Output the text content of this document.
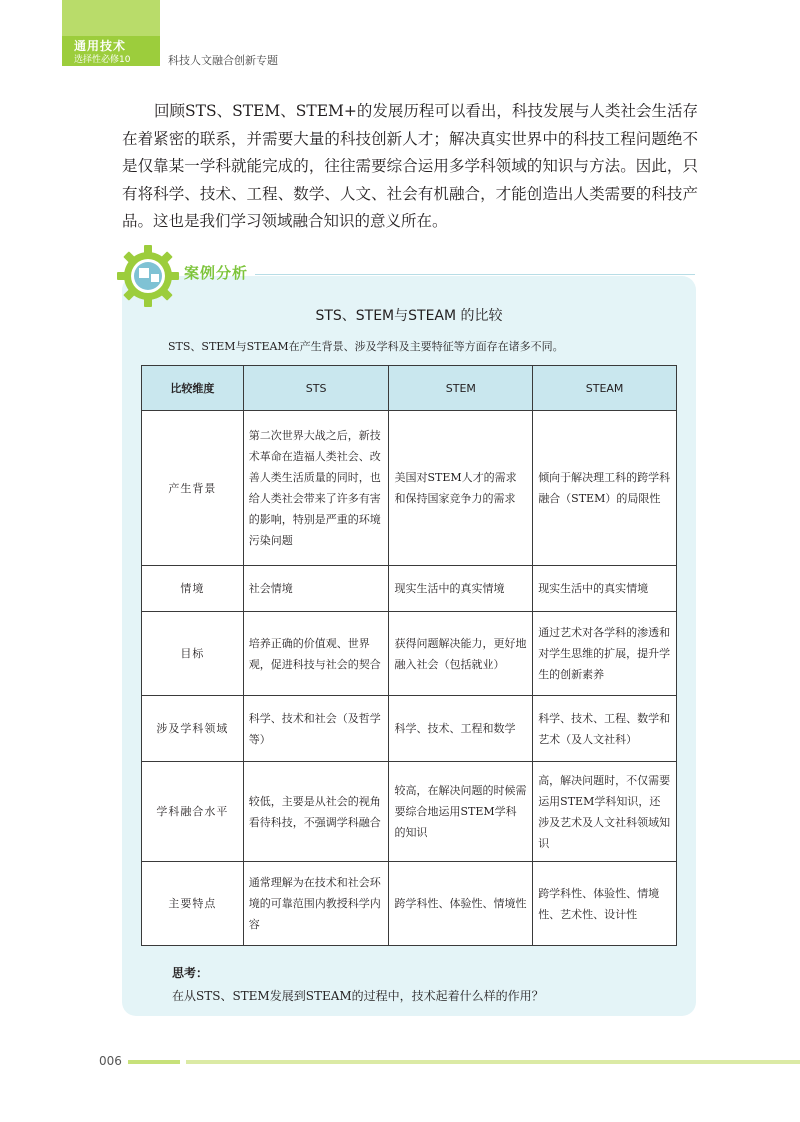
通用技术
选择性必修10	科技人文融合创新专题

回顾STS、STEM、STEM+的发展历程可以看出，科技发展与人类社会生活存在着紧密的联系，并需要大量的科技创新人才；解决真实世界中的科技工程问题绝不是仅靠某一学科就能完成的，往往需要综合运用多学科领域的知识与方法。因此，只有将科学、技术、工程、数学、人文、社会有机融合，才能创造出人类需要的科技产品。这也是我们学习领域融合知识的意义所在。

案例分析
STS、STEM与STEAM 的比较
STS、STEM与STEAM在产生背景、涉及学科及主要特征等方面存在诸多不同。
比较维度	STS	STEM	STEAM
产生背景	第二次世界大战之后，新技术革命在造福人类社会、改善人类生活质量的同时，也给人类社会带来了许多有害的影响，特别是严重的环境污染问题	美国对STEM人才的需求和保持国家竞争力的需求	倾向于解决理工科的跨学科融合（STEM）的局限性
情境	社会情境	现实生活中的真实情境	现实生活中的真实情境
目标	培养正确的价值观、世界观，促进科技与社会的契合	获得问题解决能力，更好地融入社会（包括就业）	通过艺术对各学科的渗透和对学生思维的扩展，提升学生的创新素养
涉及学科领域	科学、技术和社会（及哲学等）	科学、技术、工程和数学	科学、技术、工程、数学和艺术（及人文社科）
学科融合水平	较低，主要是从社会的视角看待科技，不强调学科融合	较高，在解决问题的时候需要综合地运用STEM学科的知识	高，解决问题时，不仅需要运用STEM学科知识，还涉及艺术及人文社科领域知识
主要特点	通常理解为在技术和社会环境的可靠范围内教授科学内容	跨学科性、体验性、情境性	跨学科性、体验性、情境性、艺术性、设计性
思考：
在从STS、STEM发展到STEAM的过程中，技术起着什么样的作用？
006
